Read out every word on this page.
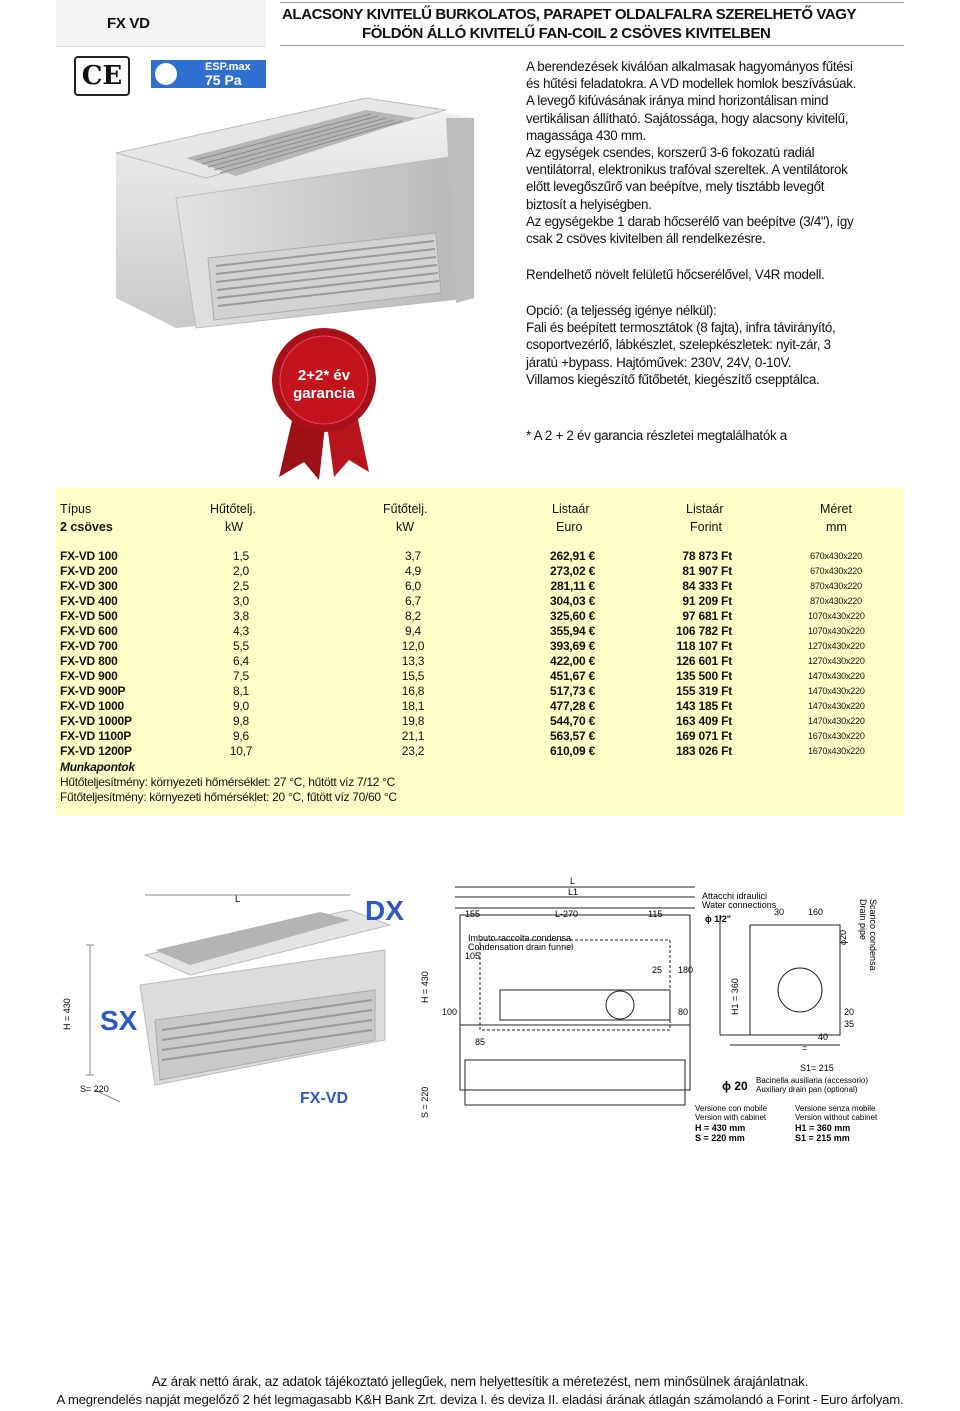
FX VD
ALACSONY KIVITELŰ BURKOLATOS, PARAPET OLDALFALRA SZERELHETŐ VAGY
FÖLDÖN ÁLLÓ KIVITELŰ FAN-COIL 2 CSÖVES KIVITELBEN
CE	ESP.max
75 Pa
2+2* év
garancia

A berendezések kiválóan alkalmasak hagyományos fűtési

és hűtési feladatokra. A VD modellek homlok beszívásúak.

A levegő kifúvásának iránya mind horizontálisan mind

vertikálisan állítható. Sajátossága, hogy alacsony kivitelű,

magassága 430 mm.

Az egységek csendes, korszerű 3-6 fokozatú radiál

ventilátorral, elektronikus trafóval szereltek. A ventilátorok

előtt levegőszűrő van beépítve, mely tisztább levegőt

biztosít a helyiségben.

Az egységekbe 1 darab hőcserélő van beépítve (3/4"), így

csak 2 csöves kivitelben áll rendelkezésre.

Rendelhető növelt felületű hőcserélővel, V4R modell.

Opció: (a teljesség igénye nélkül):

Fali és beépített termosztátok (8 fajta), infra távirányító,

csoportvezérlő, lábkészlet, szelepkészletek: nyit-zár, 3

járatú +bypass. Hajtóművek: 230V, 24V, 0-10V.

Villamos kiegészítő fűtőbetét, kiegészítő csepptálca.

* A 2 + 2 év garancia részletei megtalálhatók a
Típus	Hűtőtelj.	Fűtőtelj.	Listaár	Listaár	Méret
2 csöves	kW	kW	Euro	Forint	mm
Munkapontok
Hűtőteljesítmény: környezeti hőmérséklet: 27 °C, hűtött víz 7/12 °C
Fűtőteljesítmény: környezeti hőmérséklet: 20 °C, fűtött víz 70/60 °C
FX-VD 100	1,5	3,7	262,91 €	78 873 Ft	670x430x220
FX-VD 200	2,0	4,9	273,02 €	81 907 Ft	670x430x220
FX-VD 300	2,5	6,0	281,11 €	84 333 Ft	870x430x220
FX-VD 400	3,0	6,7	304,03 €	91 209 Ft	870x430x220
FX-VD 500	3,8	8,2	325,60 €	97 681 Ft	1070x430x220
FX-VD 600	4,3	9,4	355,94 €	106 782 Ft	1070x430x220
FX-VD 700	5,5	12,0	393,69 €	118 107 Ft	1270x430x220
FX-VD 800	6,4	13,3	422,00 €	126 601 Ft	1270x430x220
FX-VD 900	7,5	15,5	451,67 €	135 500 Ft	1470x430x220
FX-VD 900P	8,1	16,8	517,73 €	155 319 Ft	1470x430x220
FX-VD 1000	9,0	18,1	477,28 €	143 185 Ft	1470x430x220
FX-VD 1000P	9,8	19,8	544,70 €	163 409 Ft	1470x430x220
FX-VD 1100P	9,6	21,1	563,57 €	169 071 Ft	1670x430x220
FX-VD 1200P	10,7	23,2	610,09 €	183 026 Ft	1670x430x220
H = 430
L
S= 220
SX
FX-VD
DX
L
L1
155	L-270	115
105
25 180
100
85
80
H = 430
S = 220
Imbuto raccolta condensa
Condensation drain funnel
Attacchi idraulici
Water connections
ϕ 1/2"
30	160	Scarico condensa
Drain pipe
ϕ20
H1 = 360	20
35
40
=
S1= 215
ϕ 20 Bacinella ausiliaria (accessorio)
Auxiliary drain pan (optional)
Versione con mobile
Version with cabinet
H = 430 mm
S = 220 mm
Versione senza mobile
Version without cabinet
H1 = 360 mm
S1 = 215 mm
Az árak nettó árak, az adatok tájékoztató jellegűek, nem helyettesítik a méretezést, nem minősülnek árajánlatnak.
A megrendelés napját megelőző 2 hét legmagasabb K&H Bank Zrt. deviza I. és deviza II. eladási árának átlagán számolandó a Forint - Euro árfolyam.
